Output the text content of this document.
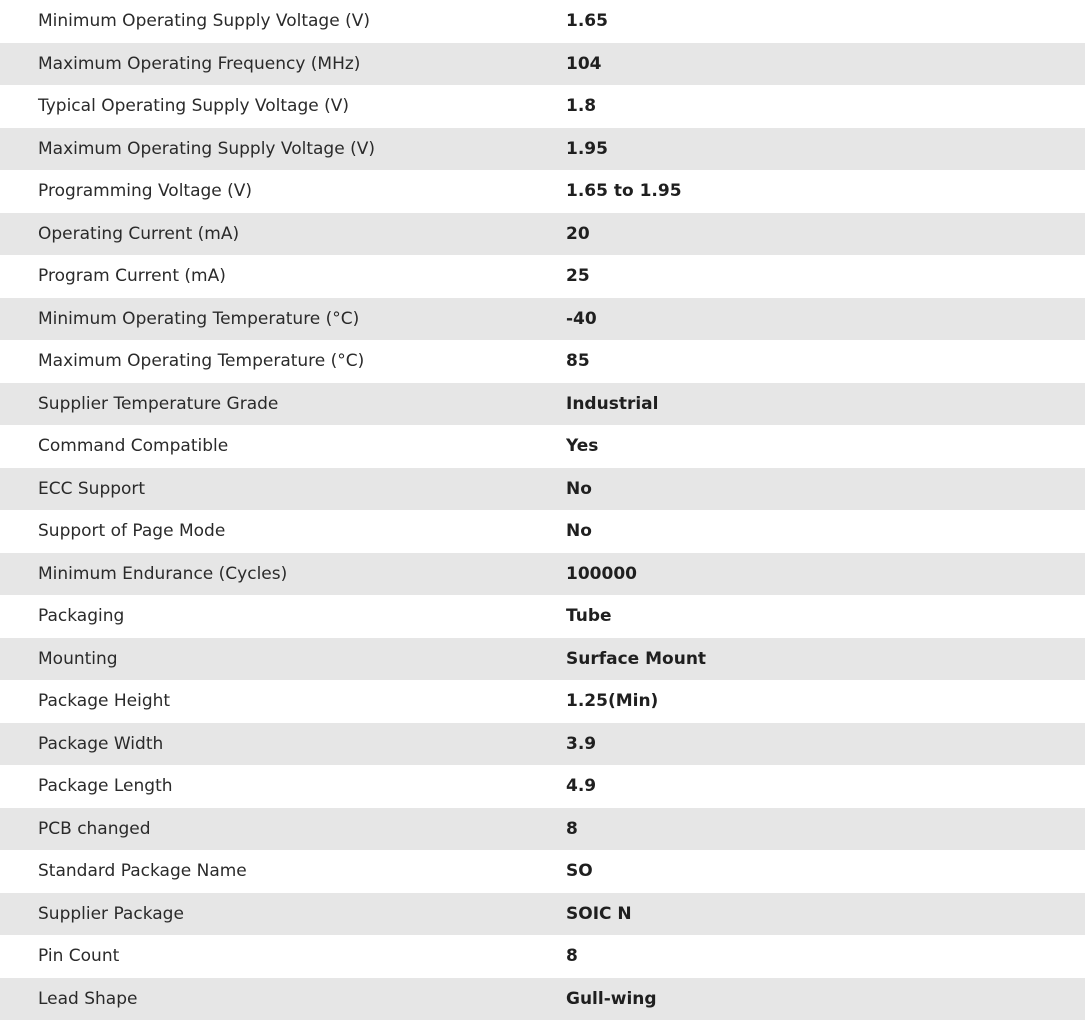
Minimum Operating Supply Voltage (V)	1.65
Maximum Operating Frequency (MHz)	104
Typical Operating Supply Voltage (V)	1.8
Maximum Operating Supply Voltage (V)	1.95
Programming Voltage (V)	1.65 to 1.95
Operating Current (mA)	20
Program Current (mA)	25
Minimum Operating Temperature (°C)	-40
Maximum Operating Temperature (°C)	85
Supplier Temperature Grade	Industrial
Command Compatible	Yes
ECC Support	No
Support of Page Mode	No
Minimum Endurance (Cycles)	100000
Packaging	Tube
Mounting	Surface Mount
Package Height	1.25(Min)
Package Width	3.9
Package Length	4.9
PCB changed	8
Standard Package Name	SO
Supplier Package	SOIC N
Pin Count	8
Lead Shape	Gull-wing
